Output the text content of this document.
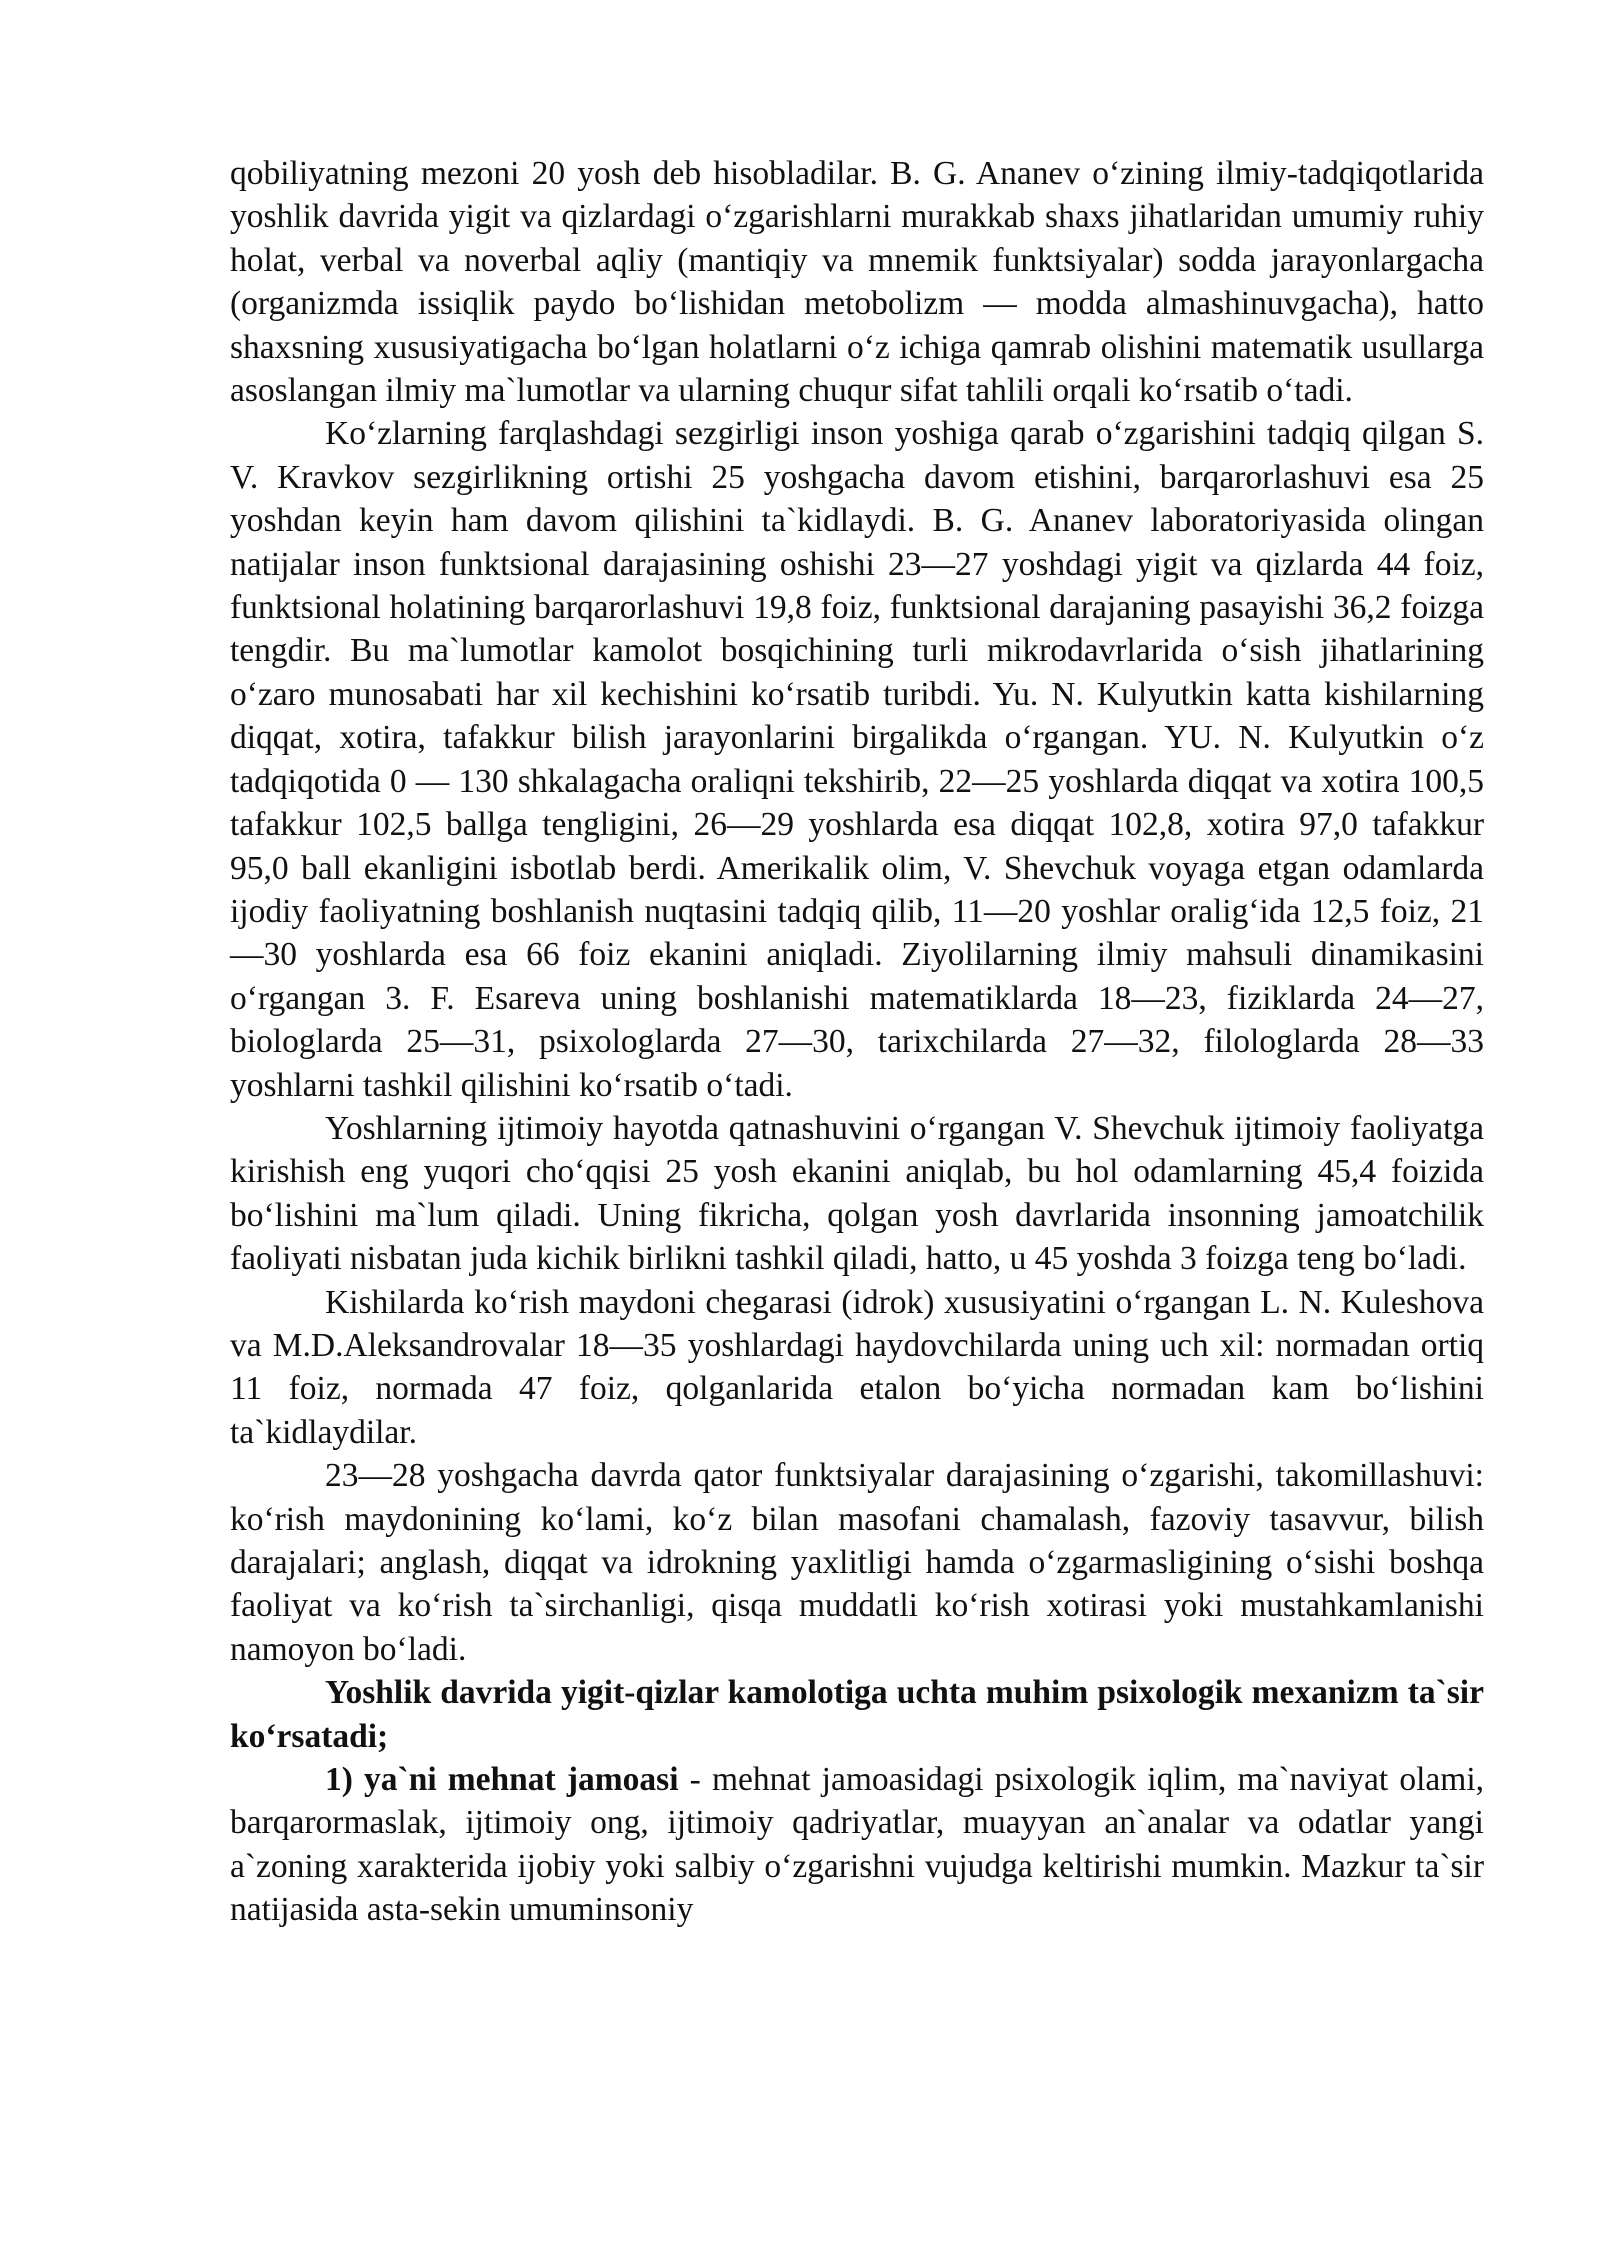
qobiliyatning mezoni 20 yosh deb hisobladilar. B. G. Ananev o‘zining ilmiy-tadqiqotlarida yoshlik davrida yigit va qizlardagi o‘zgarishlarni murakkab shaxs jihatlaridan umumiy ruhiy holat, verbal va noverbal aqliy (mantiqiy va mnemik funktsiyalar) sodda jarayonlargacha (organizmda issiqlik paydo bo‘lishidan metobolizm — modda almashinuvgacha), hatto shaxsning xususiyatigacha bo‘lgan holatlarni o‘z ichiga qamrab olishini matematik usullarga asoslangan ilmiy ma`lumotlar va ularning chuqur sifat tahlili orqali ko‘rsatib o‘tadi.

Ko‘zlarning farqlashdagi sezgirligi inson yoshiga qarab o‘zgarishini tadqiq qilgan S. V. Kravkov sezgirlikning ortishi 25 yoshgacha davom etishini, barqarorlashuvi esa 25 yoshdan keyin ham davom qilishini ta`kidlaydi. B. G. Ananev laboratoriyasida olingan natijalar inson funktsional darajasining oshishi 23—27 yoshdagi yigit va qizlarda 44 foiz, funktsional holatining barqarorlashuvi 19,8 foiz, funktsional darajaning pasayishi 36,2 foizga tengdir. Bu ma`lumotlar kamolot bosqichining turli mikrodavrlarida o‘sish jihatlarining o‘zaro munosabati har xil kechishini ko‘rsatib turibdi. Yu. N. Kulyutkin katta kishilarning diqqat, xotira, tafakkur bilish jarayonlarini birgalikda o‘rgangan. YU. N. Kulyutkin o‘z tadqiqotida 0 — 130 shkalagacha oraliqni tekshirib, 22—25 yoshlarda diqqat va xotira 100,5 tafakkur 102,5 ballga tengligini, 26—29 yoshlarda esa diqqat 102,8, xotira 97,0 tafakkur 95,0 ball ekanligini isbotlab berdi. Amerikalik olim, V. Shevchuk voyaga etgan odamlarda ijodiy faoliyatning boshlanish nuqtasini tadqiq qilib, 11—20 yoshlar oralig‘ida 12,5 foiz, 21—30 yoshlarda esa 66 foiz ekanini aniqladi. Ziyolilarning ilmiy mahsuli dinamikasini o‘rgangan 3. F. Esareva uning boshlanishi matematiklarda 18—23, fiziklarda 24—27, biologlarda 25—31, psixologlarda 27—30, tarixchilarda 27—32, filologlarda 28—33 yoshlarni tashkil qilishini ko‘rsatib o‘tadi.

Yoshlarning ijtimoiy hayotda qatnashuvini o‘rgangan V. Shevchuk ijtimoiy faoliyatga kirishish eng yuqori cho‘qqisi 25 yosh ekanini aniqlab, bu hol odamlarning 45,4 foizida bo‘lishini ma`lum qiladi. Uning fikricha, qolgan yosh davrlarida insonning jamoatchilik faoliyati nisbatan juda kichik birlikni tashkil qiladi, hatto, u 45 yoshda 3 foizga teng bo‘ladi.

Kishilarda ko‘rish maydoni chegarasi (idrok) xususiyatini o‘rgangan L. N. Kuleshova va M.D.Aleksandrovalar 18—35 yoshlardagi haydovchilarda uning uch xil: normadan ortiq 11 foiz, normada 47 foiz, qolganlarida etalon bo‘yicha normadan kam bo‘lishini ta`kidlaydilar.

23—28 yoshgacha davrda qator funktsiyalar darajasining o‘zgarishi, takomillashuvi: ko‘rish maydonining ko‘lami, ko‘z bilan masofani chamalash, fazoviy tasavvur, bilish darajalari; anglash, diqqat va idrokning yaxlitligi hamda o‘zgarmasligining o‘sishi boshqa faoliyat va ko‘rish ta`sirchanligi, qisqa muddatli ko‘rish xotirasi yoki mustahkamlanishi namoyon bo‘ladi.

Yoshlik davrida yigit-qizlar kamolotiga uchta muhim psixologik mexanizm ta`sir ko‘rsatadi;

1) ya`ni mehnat jamoasi - mehnat jamoasidagi psixologik iqlim, ma`naviyat olami, barqarormaslak, ijtimoiy ong, ijtimoiy qadriyatlar, muayyan an`analar va odatlar yangi a`zoning xarakterida ijobiy yoki salbiy o‘zgarishni vujudga keltirishi mumkin. Mazkur ta`sir natijasida asta-sekin umuminsoniy
